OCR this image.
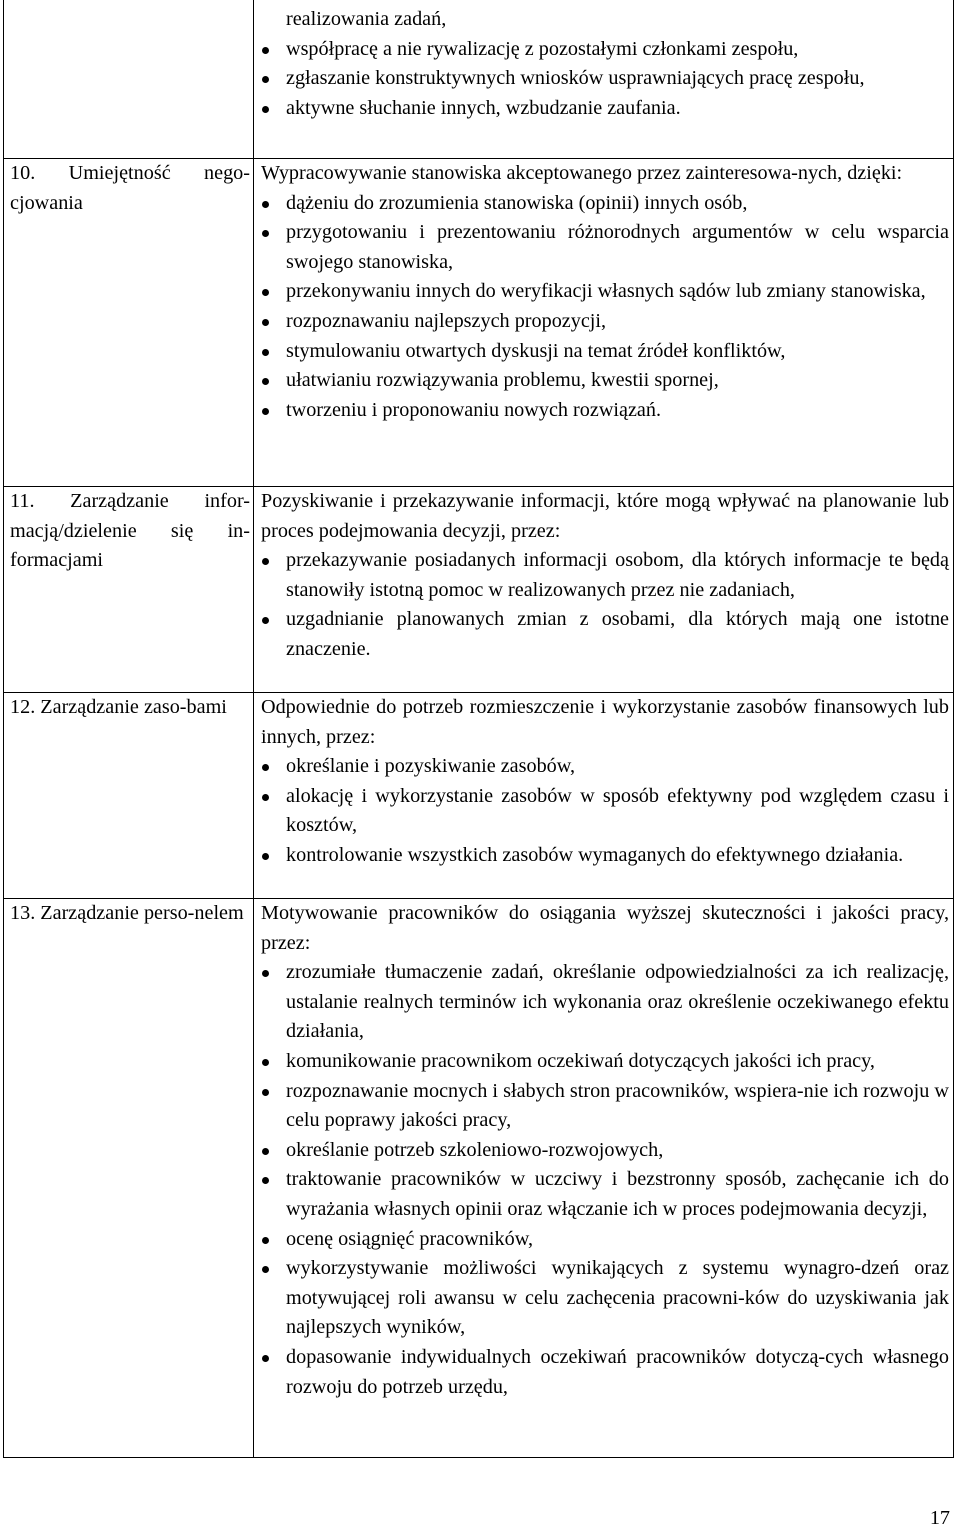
realizowania zadań,
współpracę a nie rywalizację z pozostałymi członkami zespołu,
zgłaszanie konstruktywnych wniosków usprawniających pracę zespołu,
aktywne słuchanie innych, wzbudzanie zaufania.
10. Umiejętność nego-cjowania
Wypracowywanie stanowiska akceptowanego przez zainteresowa-nych, dzięki:
dążeniu do zrozumienia stanowiska (opinii) innych osób,
przygotowaniu i prezentowaniu różnorodnych argumentów w celu wsparcia swojego stanowiska,
przekonywaniu innych do weryfikacji własnych sądów lub zmiany stanowiska,
rozpoznawaniu najlepszych propozycji,
stymulowaniu otwartych dyskusji na temat źródeł konfliktów,
ułatwianiu rozwiązywania problemu, kwestii spornej,
tworzeniu i proponowaniu nowych rozwiązań.
11. Zarządzanie infor-macją/dzielenie się in-formacjami
Pozyskiwanie i przekazywanie informacji, które mogą wpływać na planowanie lub proces podejmowania decyzji, przez:
przekazywanie posiadanych informacji osobom, dla których informacje te będą stanowiły istotną pomoc w realizowanych przez nie zadaniach,
uzgadnianie planowanych zmian z osobami, dla których mają one istotne znaczenie.
12. Zarządzanie zaso-bami	Odpowiednie do potrzeb rozmieszczenie i wykorzystanie zasobów finansowych lub innych, przez:
określanie i pozyskiwanie zasobów,
alokację i wykorzystanie zasobów w sposób efektywny pod względem czasu i kosztów,
kontrolowanie wszystkich zasobów wymaganych do efektywnego działania.
13. Zarządzanie perso-nelem Motywowanie pracowników do osiągania wyższej skuteczności i jakości pracy, przez:
zrozumiałe tłumaczenie zadań, określanie odpowiedzialności za ich realizację, ustalanie realnych terminów ich wykonania oraz określenie oczekiwanego efektu działania,
komunikowanie pracownikom oczekiwań dotyczących jakości ich pracy,
rozpoznawanie mocnych i słabych stron pracowników, wspiera-nie ich rozwoju w celu poprawy jakości pracy,
określanie potrzeb szkoleniowo-rozwojowych,
traktowanie pracowników w uczciwy i bezstronny sposób, zachęcanie ich do wyrażania własnych opinii oraz włączanie ich w proces podejmowania decyzji,
ocenę osiągnięć pracowników,
wykorzystywanie możliwości wynikających z systemu wynagro-dzeń oraz motywującej roli awansu w celu zachęcenia pracowni-ków do uzyskiwania jak najlepszych wyników,
dopasowanie indywidualnych oczekiwań pracowników dotyczą-cych własnego rozwoju do potrzeb urzędu,
17
